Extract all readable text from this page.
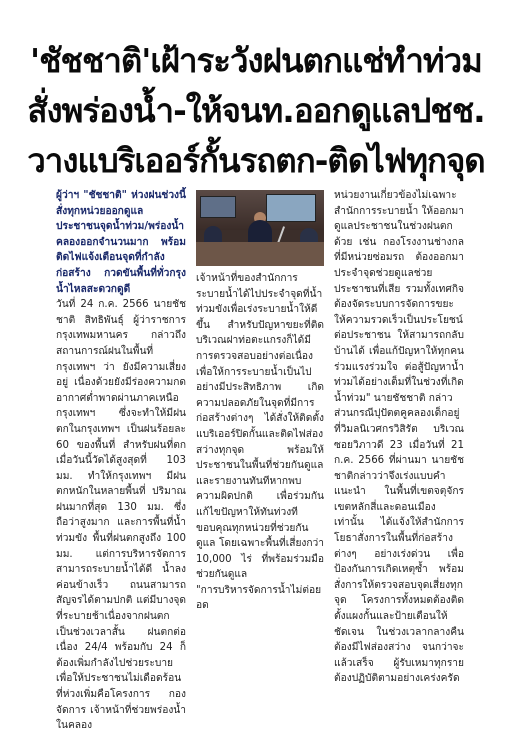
'ชัชชาติ'เฝ้าระวังฝนตกแช่ทำท่วม
สั่งพร่องน้ำ-ให้จนท.ออกดูแลปชช.
วางแบริเออร์กั้นรถตก-ติดไฟทุกจุด

ผู้ว่าฯ "ชัชชาติ" ห่วงฝนช่วงนี้ สั่งทุกหน่วยออกดูแลประชาชนจุดน้ำท่วม/พร่องน้ำคลองออกจำนวนมาก พร้อมติดไฟแจ้งเตือนจุดที่กำลังก่อสร้าง กวดขันพื้นที่ทั่วกรุง น้ำไหลสะดวกดูดี

วันที่ 24 ก.ค. 2566 นายชัชชาติ สิทธิพันธุ์ ผู้ว่าราชการกรุงเทพมหานคร กล่าวถึงสถานการณ์ฝนในพื้นที่กรุงเทพฯ ว่า ยังมีความเสี่ยงอยู่ เนื่องด้วยยังมีร่องความกดอากาศต่ำพาดผ่านภาคเหนือ กรุงเทพฯ ซึ่งจะทำให้มีฝนตกในกรุงเทพฯ เป็นฝนร้อยละ 60 ของพื้นที่ สำหรับฝนที่ตกเมื่อวันนี้วัดได้สูงสุดที่ 103 มม. ทำให้กรุงเทพฯ มีฝนตกหนักในหลายพื้นที่ ปริมาณฝนมากที่สุด 130 มม. ซึ่งถือว่าสูงมาก และการพื้นที่น้ำท่วมขัง พื้นที่ฝนตกสูงถึง 100 มม. แต่การบริหารจัดการสามารถระบายน้ำได้ดี น้ำลงค่อนข้างเร็ว ถนนสามารถสัญจรได้ตามปกติ แต่มีบางจุดที่ระบายช้าเนื่องจากฝนตกเป็นช่วงเวลาสั้น ฝนตกต่อเนื่อง 24/4 พร้อมกับ 24 ก็ต้องเพิ่มกำลังไปช่วยระบาย เพื่อให้ประชาชนไม่เดือดร้อน

ที่ห่วงเพิ่มคือโครงการ กองจัดการ เจ้าหน้าที่ช่วยพร่องน้ำในคลอง

เจ้าหน้าที่ของสำนักการระบายน้ำได้ไปประจำจุดที่น้ำท่วมขังเพื่อเร่งระบายน้ำให้ดีขึ้น สำหรับปัญหาขยะที่ติดบริเวณฝาท่อตะแกรงก็ได้มีการตรวจสอบอย่างต่อเนื่อง เพื่อให้การระบายน้ำเป็นไปอย่างมีประสิทธิภาพ เกิดความปลอดภัยในจุดที่มีการก่อสร้างต่างๆ ได้สั่งให้ติดตั้งแบริเออร์ปิดกั้นและติดไฟส่องสว่างทุกจุด พร้อมให้ประชาชนในพื้นที่ช่วยกันดูแลและรายงานทันทีหากพบความผิดปกติ เพื่อร่วมกันแก้ไขปัญหาให้ทันท่วงที ขอบคุณทุกหน่วยที่ช่วยกันดูแล โดยเฉพาะพื้นที่เสี่ยงกว่า 10,000 ไร่ ที่พร้อมร่วมมือช่วยกันดูแล

"การบริหารจัดการน้ำไม่ต่อยอด

หน่วยงานเกี่ยวข้องไม่เฉพาะสำนักการระบายน้ำ ให้ออกมาดูแลประชาชนในช่วงฝนตกด้วย เช่น กองโรงงานช่างกล ที่มีหน่วยซ่อมรถ ต้องออกมาประจำจุดช่วยดูแลช่วยประชาชนที่เสีย รวมทั้งเทศกิจ ต้องจัดระบบการจัดการขยะ ให้ความรวดเร็วเป็นประโยชน์ต่อประชาชน ให้สามารถกลับบ้านได้ เพื่อแก้ปัญหาให้ทุกคนร่วมแรงร่วมใจ ต่อสู้ปัญหาน้ำท่วมได้อย่างเต็มที่ในช่วงที่เกิดน้ำท่วม" นายชัชชาติ กล่าว

ส่วนกรณีปุปัตตคูคลองเด็กอยู่ที่วิมลนิเวศกรวิสิรัต บริเวณซอยวิภาวดี 23 เมื่อวันที่ 21 ก.ค. 2566 ที่ผ่านมา นายชัชชาติกล่าวว่าจึงเร่งแบบคำแนะนำ ในพื้นที่เขตจตุจักร เขตหลักสี่และดอนเมืองเท่านั้น ได้แจ้งให้สำนักการโยธาสั่งการในพื้นที่ก่อสร้างต่างๆ อย่างเร่งด่วน เพื่อป้องกันการเกิดเหตุซ้ำ พร้อมสั่งการให้ตรวจสอบจุดเสี่ยงทุกจุด โครงการทั้งหมดต้องติดตั้งแผงกั้นและป้ายเตือนให้ชัดเจน ในช่วงเวลากลางคืนต้องมีไฟส่องสว่าง จนกว่าจะแล้วเสร็จ ผู้รับเหมาทุกรายต้องปฏิบัติตามอย่างเคร่งครัด
